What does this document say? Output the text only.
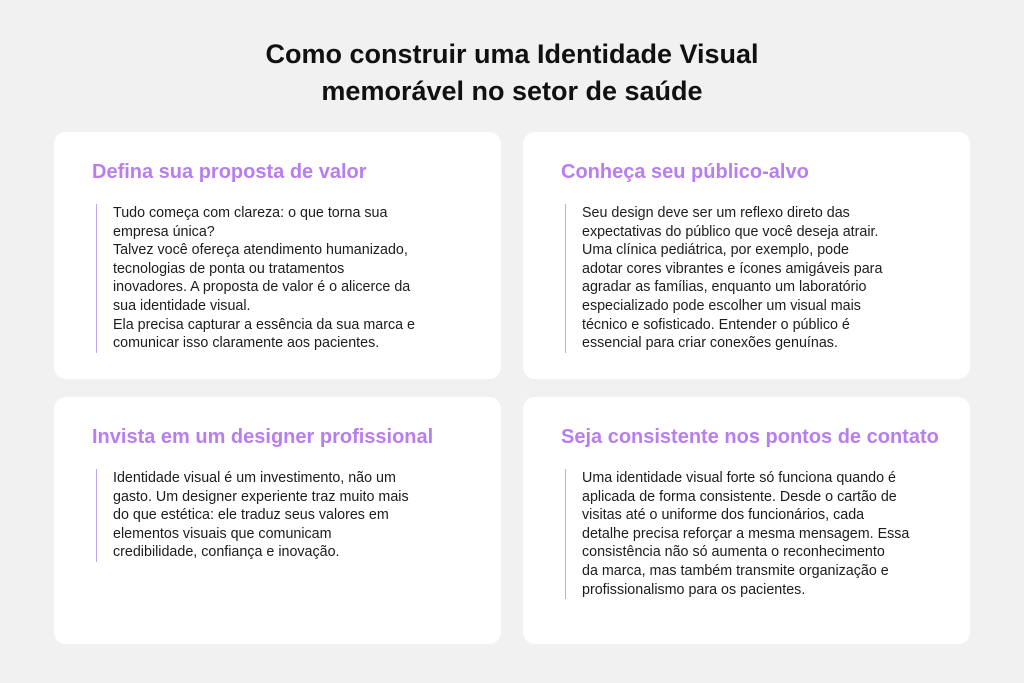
Como construir uma Identidade Visual
memorável no setor de saúde
Defina sua proposta de valor
Tudo começa com clareza: o que torna sua
empresa única?
Talvez você ofereça atendimento humanizado,
tecnologias de ponta ou tratamentos
inovadores. A proposta de valor é o alicerce da
sua identidade visual.
Ela precisa capturar a essência da sua marca e
comunicar isso claramente aos pacientes.
Conheça seu público-alvo
Seu design deve ser um reflexo direto das
expectativas do público que você deseja atrair.
Uma clínica pediátrica, por exemplo, pode
adotar cores vibrantes e ícones amigáveis para
agradar as famílias, enquanto um laboratório
especializado pode escolher um visual mais
técnico e sofisticado. Entender o público é
essencial para criar conexões genuínas.
Invista em um designer profissional
Identidade visual é um investimento, não um
gasto. Um designer experiente traz muito mais
do que estética: ele traduz seus valores em
elementos visuais que comunicam
credibilidade, confiança e inovação.
Seja consistente nos pontos de contato
Uma identidade visual forte só funciona quando é
aplicada de forma consistente. Desde o cartão de
visitas até o uniforme dos funcionários, cada
detalhe precisa reforçar a mesma mensagem. Essa
consistência não só aumenta o reconhecimento
da marca, mas também transmite organização e
profissionalismo para os pacientes.
